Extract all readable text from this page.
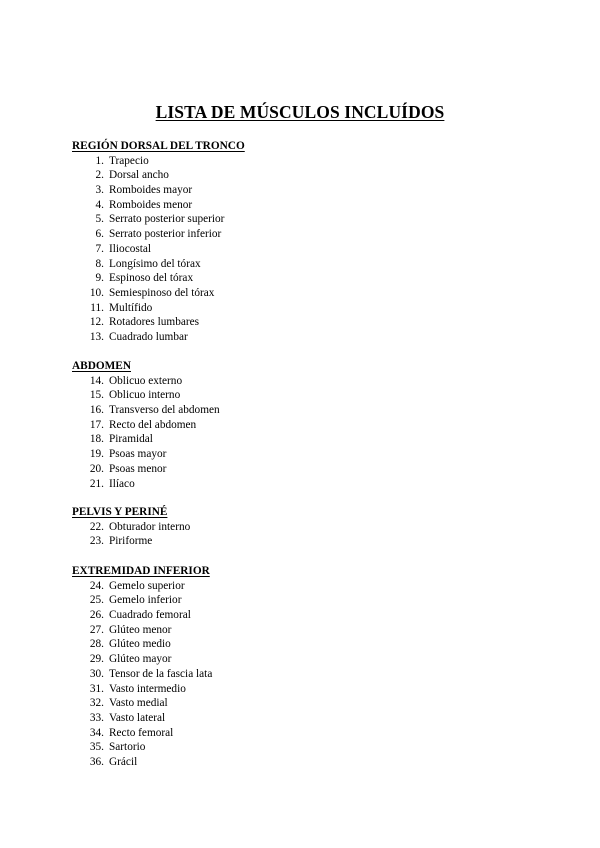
LISTA DE MÚSCULOS INCLUÍDOS
REGIÓN DORSAL DEL TRONCO
1. Trapecio
2. Dorsal ancho
3. Romboides mayor
4. Romboides menor
5. Serrato posterior superior
6. Serrato posterior inferior
7. Iliocostal
8. Longísimo del tórax
9. Espinoso del tórax
10. Semiespinoso del tórax
11. Multífido
12. Rotadores lumbares
13. Cuadrado lumbar
ABDOMEN
14. Oblicuo externo
15. Oblicuo interno
16. Transverso del abdomen
17. Recto del abdomen
18. Piramidal
19. Psoas mayor
20. Psoas menor
21. Ilíaco
PELVIS Y PERINÉ
22. Obturador interno
23. Piriforme
EXTREMIDAD INFERIOR
24. Gemelo superior
25. Gemelo inferior
26. Cuadrado femoral
27. Glúteo menor
28. Glúteo medio
29. Glúteo mayor
30. Tensor de la fascia lata
31. Vasto intermedio
32. Vasto medial
33. Vasto lateral
34. Recto femoral
35. Sartorio
36. Grácil
